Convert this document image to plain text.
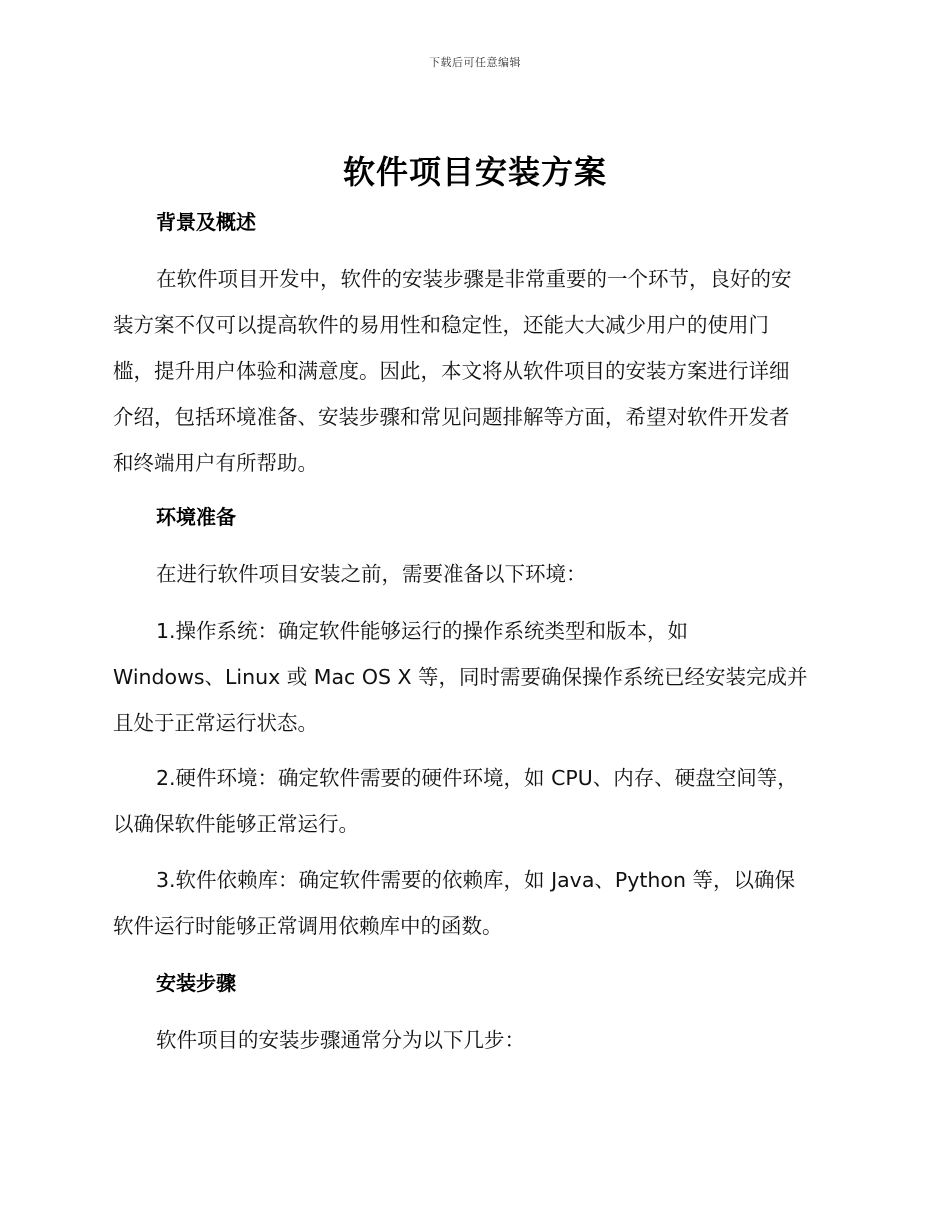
下载后可任意编辑
软件项目安装方案
背景及概述
在软件项目开发中，软件的安装步骤是非常重要的一个环节，良好的安
装方案不仅可以提高软件的易用性和稳定性，还能大大减少用户的使用门
槛，提升用户体验和满意度。因此，本文将从软件项目的安装方案进行详细
介绍，包括环境准备、安装步骤和常见问题排解等方面，希望对软件开发者
和终端用户有所帮助。
环境准备
在进行软件项目安装之前，需要准备以下环境：
1.操作系统：确定软件能够运行的操作系统类型和版本，如
Windows、Linux 或 Mac OS X 等，同时需要确保操作系统已经安装完成并
且处于正常运行状态。
2.硬件环境：确定软件需要的硬件环境，如 CPU、内存、硬盘空间等，
以确保软件能够正常运行。
3.软件依赖库：确定软件需要的依赖库，如 Java、Python 等，以确保
软件运行时能够正常调用依赖库中的函数。
安装步骤
软件项目的安装步骤通常分为以下几步：
